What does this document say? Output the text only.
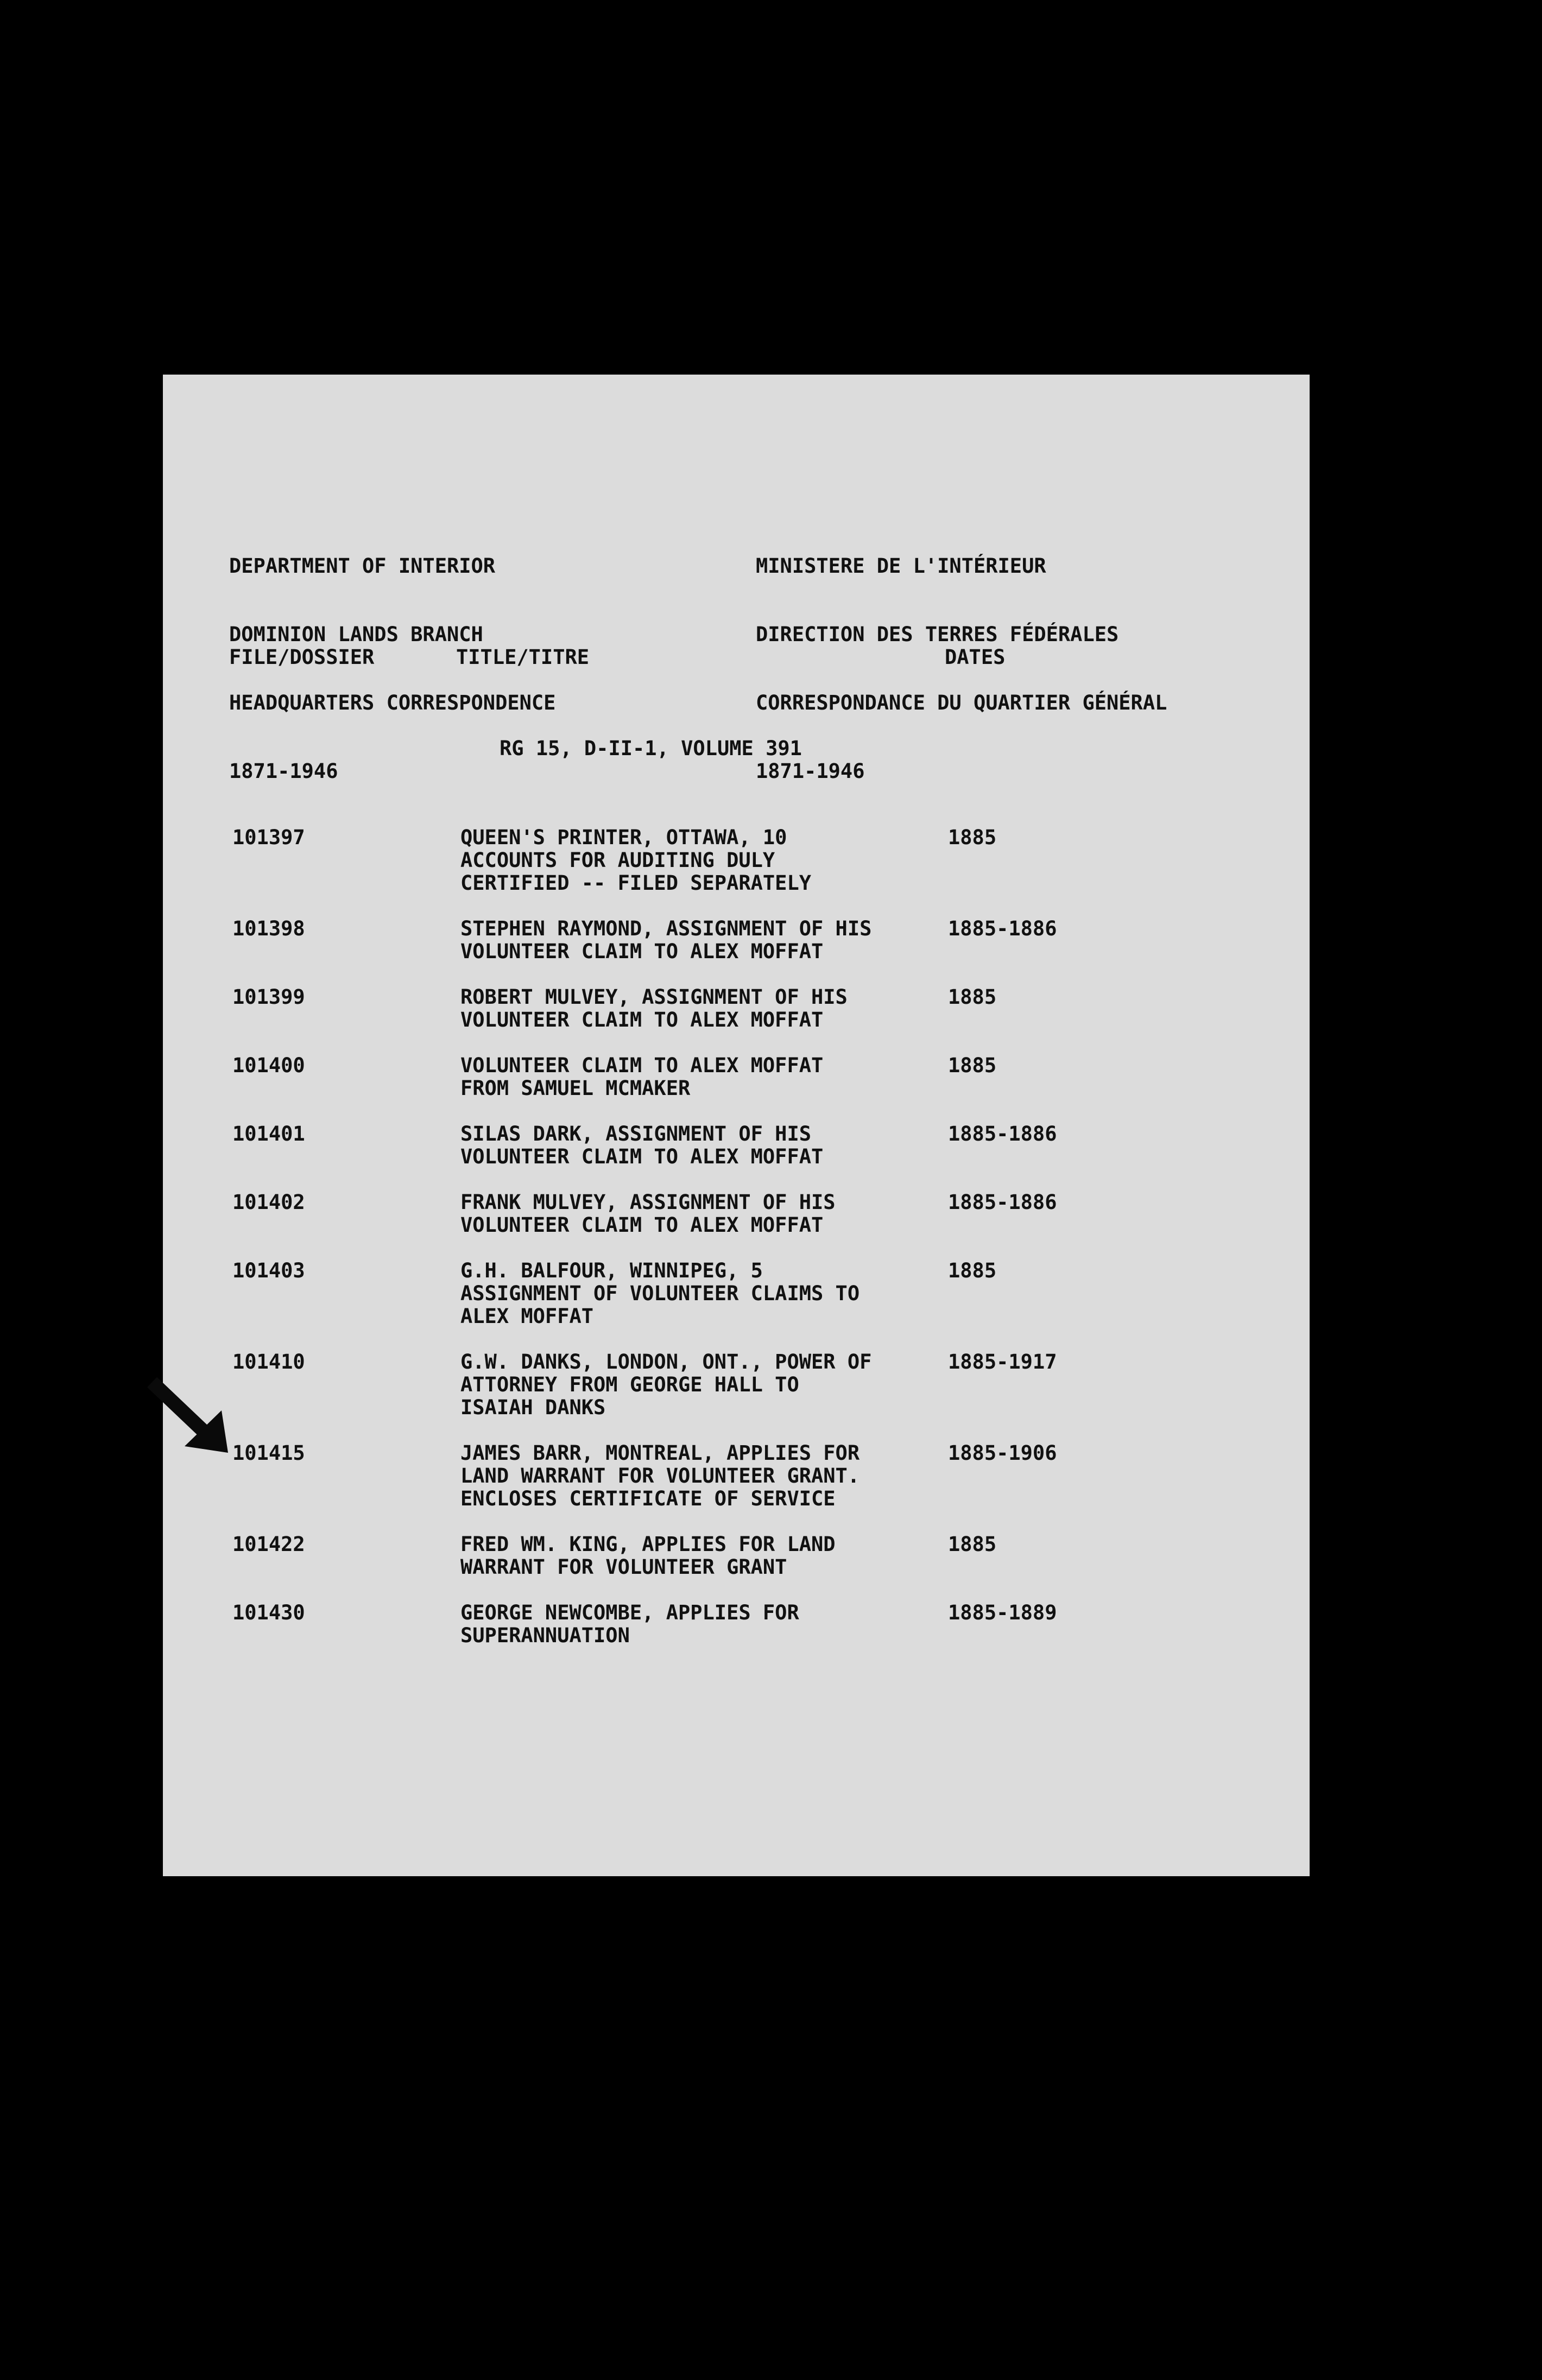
DEPARTMENT OF INTERIOR

DOMINION LANDS BRANCH

HEADQUARTERS CORRESPONDENCE

1871-1946

MINISTERE DE L'INTÉRIEUR

DIRECTION DES TERRES FÉDÉRALES

CORRESPONDANCE DU QUARTIER GÉNÉRAL

1871-1946

FILE/DOSSIER	TITLE/TITRE	DATES
RG 15, D-II-1, VOLUME 391
101397	QUEEN'S PRINTER, OTTAWA, 10
ACCOUNTS FOR AUDITING DULY
CERTIFIED -- FILED SEPARATELY
1885
101398	STEPHEN RAYMOND, ASSIGNMENT OF HIS
VOLUNTEER CLAIM TO ALEX MOFFAT
1885-1886
101399	ROBERT MULVEY, ASSIGNMENT OF HIS
VOLUNTEER CLAIM TO ALEX MOFFAT
1885
101400	VOLUNTEER CLAIM TO ALEX MOFFAT
FROM SAMUEL MCMAKER
1885
101401	SILAS DARK, ASSIGNMENT OF HIS
VOLUNTEER CLAIM TO ALEX MOFFAT
1885-1886
101402	FRANK MULVEY, ASSIGNMENT OF HIS
VOLUNTEER CLAIM TO ALEX MOFFAT
1885-1886
101403	G.H. BALFOUR, WINNIPEG, 5
ASSIGNMENT OF VOLUNTEER CLAIMS TO
ALEX MOFFAT
1885
101410	G.W. DANKS, LONDON, ONT., POWER OF
ATTORNEY FROM GEORGE HALL TO
ISAIAH DANKS
1885-1917
101415	JAMES BARR, MONTREAL, APPLIES FOR
LAND WARRANT FOR VOLUNTEER GRANT.
ENCLOSES CERTIFICATE OF SERVICE
1885-1906
101422	FRED WM. KING, APPLIES FOR LAND
WARRANT FOR VOLUNTEER GRANT
1885
101430	GEORGE NEWCOMBE, APPLIES FOR
SUPERANNUATION
1885-1889
